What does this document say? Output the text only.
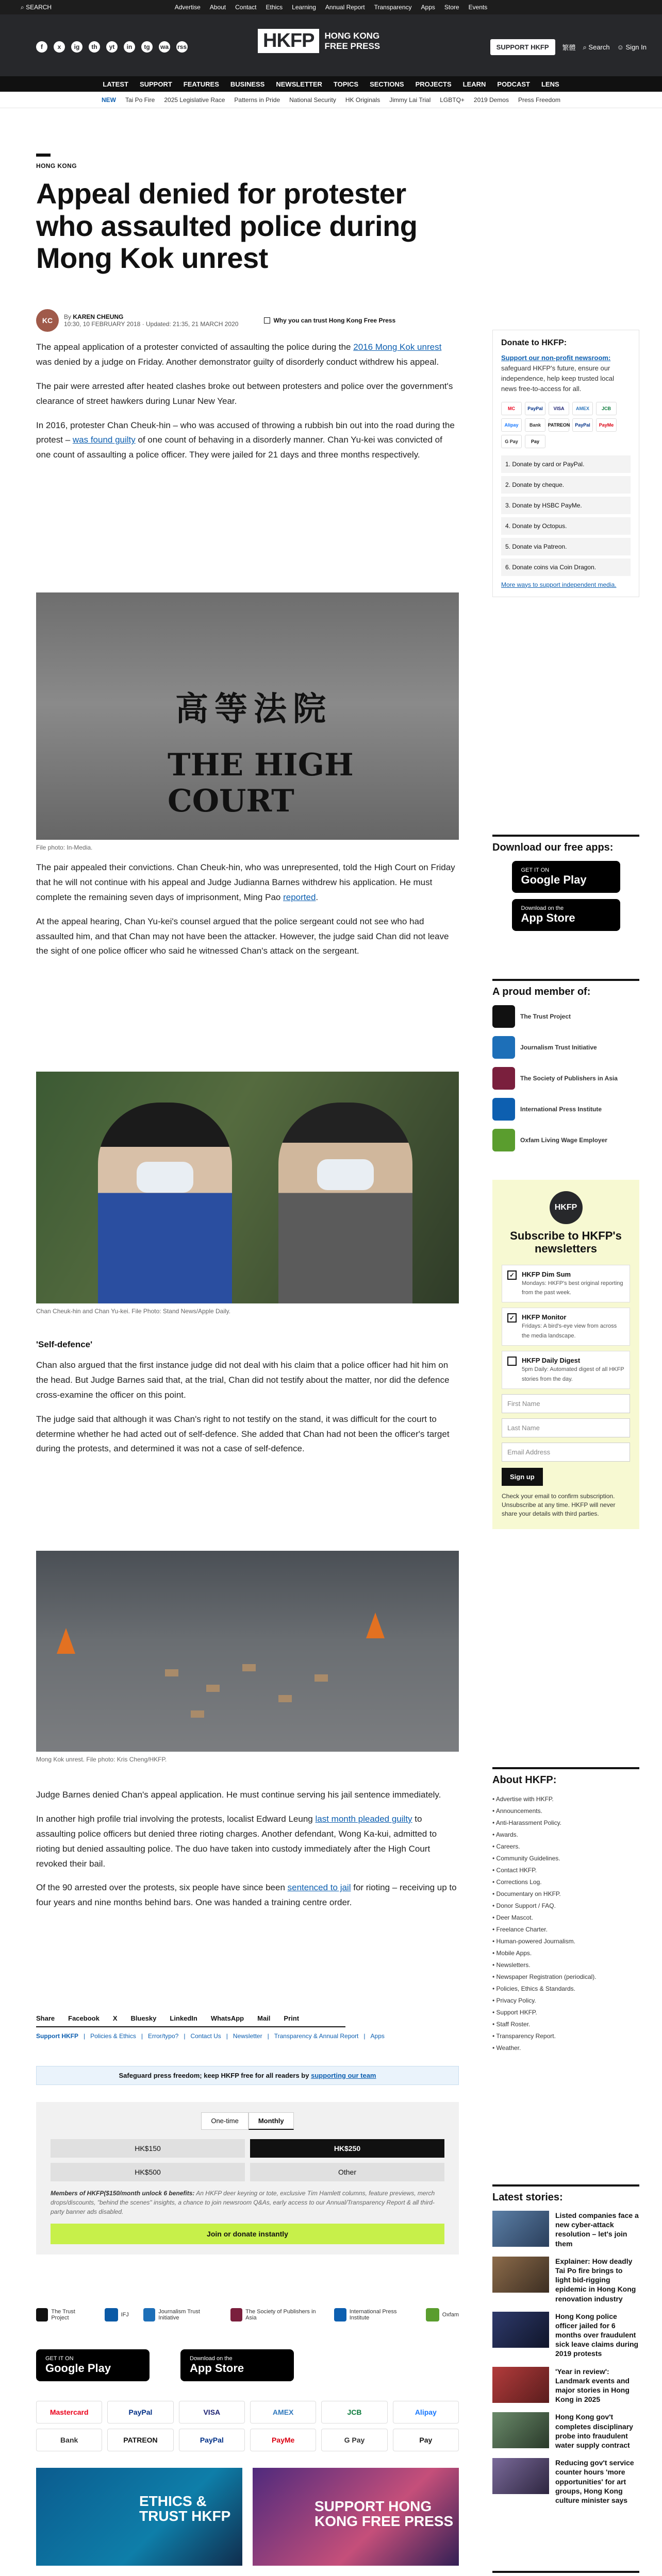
⌕ SEARCH	Advertise About Contact Ethics Learning Annual Report Transparency Apps Store Events
f	x	ig	th	yt	in	tg	wa rss	HKFP	HONG KONG
FREE PRESS	SUPPORT HKFP	繁體 ⌕ Search ☺ Sign In
LATEST SUPPORT FEATURES BUSINESS NEWSLETTER TOPICS SECTIONS PROJECTS LEARN PODCAST LENS
NEW Tai Po Fire 2025 Legislative Race Patterns in Pride National Security HK Originals Jimmy Lai Trial LGBTQ+ 2019 Demos Press Freedom
HONG KONG
Appeal denied for protester who assaulted police during Mong Kok unrest
KC	By KAREN CHEUNG
10:30, 10 FEBRUARY 2018 · Updated: 21:35, 21 MARCH 2020	Why you can trust Hong Kong Free Press

The appeal application of a protester convicted of assaulting the police during the 2016 Mong Kok unrest was denied by a judge on Friday. Another demonstrator guilty of disorderly conduct withdrew his appeal.

The pair were arrested after heated clashes broke out between protesters and police over the government's clearance of street hawkers during Lunar New Year.

In 2016, protester Chan Cheuk-hin – who was accused of throwing a rubbish bin out into the road during the protest – was found guilty of one count of behaving in a disorderly manner. Chan Yu-kei was convicted of one count of assaulting a police officer. They were jailed for 21 days and three months respectively.

高等法院
THE HIGH COURT
File photo: In-Media.

The pair appealed their convictions. Chan Cheuk-hin, who was unrepresented, told the High Court on Friday that he will not continue with his appeal and Judge Judianna Barnes withdrew his application. He must complete the remaining seven days of imprisonment, Ming Pao reported.

At the appeal hearing, Chan Yu-kei's counsel argued that the police sergeant could not see who had assaulted him, and that Chan may not have been the attacker. However, the judge said Chan did not leave the sight of one police officer who said he witnessed Chan's attack on the sergeant.

Chan Cheuk-hin and Chan Yu-kei. File Photo: Stand News/Apple Daily.
'Self-defence'

Chan also argued that the first instance judge did not deal with his claim that a police officer had hit him on the head. But Judge Barnes said that, at the trial, Chan did not testify about the matter, nor did the defence cross-examine the officer on this point.

The judge said that although it was Chan's right to not testify on the stand, it was difficult for the court to determine whether he had acted out of self-defence. She added that Chan had not been the officer's target during the protests, and determined it was not a case of self-defence.

Mong Kok unrest. File photo: Kris Cheng/HKFP.

Judge Barnes denied Chan's appeal application. He must continue serving his jail sentence immediately.

In another high profile trial involving the protests, localist Edward Leung last month pleaded guilty to assaulting police officers but denied three rioting charges. Another defendant, Wong Ka-kui, admitted to rioting but denied assaulting police. The duo have taken into custody immediately after the High Court revoked their bail.

Of the 90 arrested over the protests, six people have since been sentenced to jail for rioting – receiving up to four years and nine months behind bars. One was handed a training centre order.

Share Facebook X Bluesky LinkedIn WhatsApp Mail Print
Support HKFP | Policies & Ethics | Error/typo? | Contact Us | Newsletter | Transparency & Annual Report | Apps
Safeguard press freedom; keep HKFP free for all readers by supporting our team
One-time	Monthly
HK$150	HK$250
HK$500	Other
Members of HKFP($150/month unlock 6 benefits: An HKFP deer keyring or tote, exclusive Tim Hamlett columns, feature previews, merch drops/discounts, "behind the scenes" insights, a chance to join newsroom Q&As, early access to our Annual/Transparency Report & all third-party banner ads disabled.
Join or donate instantly
The Trust Project	IFJ	Journalism Trust Initiative
The Society of Publishers in Asia
International Press Institute	Oxfam
GET IT ON
Google Play
Download on the
App Store
Mastercard	PayPal	VISA	AMEX	JCB	Alipay
Bank	PATREON	PayPal	PayMe	G Pay	Pay
ETHICS & TRUST HKFP
SUPPORT HONG KONG FREE PRESS

Donate to HKFP:
Support our non-profit newsroom: safeguard HKFP's future, ensure our independence, help keep trusted local news free-to-access for all.
MC	PayPal	VISA	AMEX	JCB
Alipay	Bank	PATREON	PayPal	PayMe
G Pay	Pay
1. Donate by card or PayPal.
2. Donate by cheque.
3. Donate by HSBC PayMe.
4. Donate by Octopus.
5. Donate via Patreon.
6. Donate coins via Coin Dragon.
More ways to support independent media.
Download our free apps:
GET IT ON
Google Play
Download on the
App Store
A proud member of:
The Trust Project
Journalism Trust Initiative
The Society of Publishers in Asia
International Press Institute
Oxfam Living Wage Employer
HKFP
Subscribe to HKFP's newsletters
✓	HKFP Dim Sum
Mondays: HKFP's best original reporting from the past week.
✓	HKFP Monitor
Fridays: A bird's-eye view from across the media landscape.
HKFP Daily Digest
5pm Daily: Automated digest of all HKFP stories from the day.
First Name
Last Name
Email Address
Sign up
Check your email to confirm subscription. Unsubscribe at any time. HKFP will never share your details with third parties.
About HKFP:
• Advertise with HKFP.
• Announcements.
• Anti-Harassment Policy.
• Awards.
• Careers.
• Community Guidelines.
• Contact HKFP.
• Corrections Log.
• Documentary on HKFP.
• Donor Support / FAQ.
• Deer Mascot.
• Freelance Charter.
• Human-powered Journalism.
• Mobile Apps.
• Newsletters.
• Newspaper Registration (periodical).
• Policies, Ethics & Standards.
• Privacy Policy.
• Support HKFP.
• Staff Roster.
• Transparency Report.
• Weather.
Latest stories:
Listed companies face a new cyber-attack resolution – let's join them
Explainer: How deadly Tai Po fire brings to light bid-rigging epidemic in Hong Kong renovation industry
Hong Kong police officer jailed for 6 months over fraudulent sick leave claims during 2019 protests
'Year in review': Landmark events and major stories in Hong Kong in 2025
Hong Kong gov't completes disciplinary probe into fraudulent water supply contract
Reducing gov't service counter hours 'more opportunities' for art groups, Hong Kong culture minister says
